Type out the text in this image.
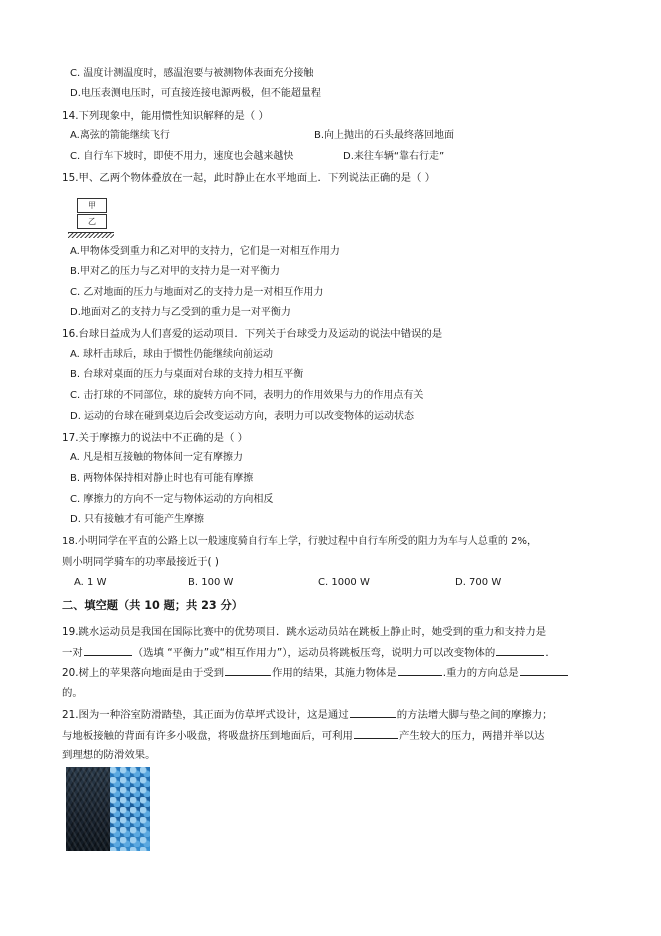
C. 温度计测温度时，感温泡要与被测物体表面充分接触
D.电压表测电压时，可直接连接电源两极，但不能超量程
14.下列现象中，能用惯性知识解释的是（ ）
A.离弦的箭能继续飞行	B.向上抛出的石头最终落回地面
C. 自行车下坡时，即使不用力，速度也会越来越快	D.来往车辆“靠右行走”
15.甲、乙两个物体叠放在一起，此时静止在水平地面上．下列说法正确的是（ ）
甲
乙
A.甲物体受到重力和乙对甲的支持力，它们是一对相互作用力
B.甲对乙的压力与乙对甲的支持力是一对平衡力
C. 乙对地面的压力与地面对乙的支持力是一对相互作用力
D.地面对乙的支持力与乙受到的重力是一对平衡力
16.台球日益成为人们喜爱的运动项目．下列关于台球受力及运动的说法中错误的是
A. 球杆击球后，球由于惯性仍能继续向前运动
B. 台球对桌面的压力与桌面对台球的支持力相互平衡
C. 击打球的不同部位，球的旋转方向不同，表明力的作用效果与力的作用点有关
D. 运动的台球在碰到桌边后会改变运动方向，表明力可以改变物体的运动状态
17.关于摩擦力的说法中不正确的是（ ）
A. 凡是相互接触的物体间一定有摩擦力
B. 两物体保持相对静止时也有可能有摩擦
C. 摩擦力的方向不一定与物体运动的方向相反
D. 只有接触才有可能产生摩擦
18.小明同学在平直的公路上以一般速度骑自行车上学，行驶过程中自行车所受的阻力为车与人总重的 2%，
则小明同学骑车的功率最接近于( )
A. 1 W	B. 100 W	C. 1000 W	D. 700 W
二、填空题（共 10 题；共 23 分）
19.跳水运动员是我国在国际比赛中的优势项目．跳水运动员站在跳板上静止时，她受到的重力和支持力是
一对	（选填 “平衡力”或“相互作用力”），运动员将跳板压弯，说明力可以改变物体的	．
20.树上的苹果落向地面是由于受到	作用的结果，其施力物体是	.重力的方向总是
的。
21.图为一种浴室防滑踏垫，其正面为仿草坪式设计，这是通过	的方法增大脚与垫之间的摩擦力；
与地板接触的背面有许多小吸盘，将吸盘挤压到地面后，可利用	产生较大的压力，两措并举以达
到理想的防滑效果。
